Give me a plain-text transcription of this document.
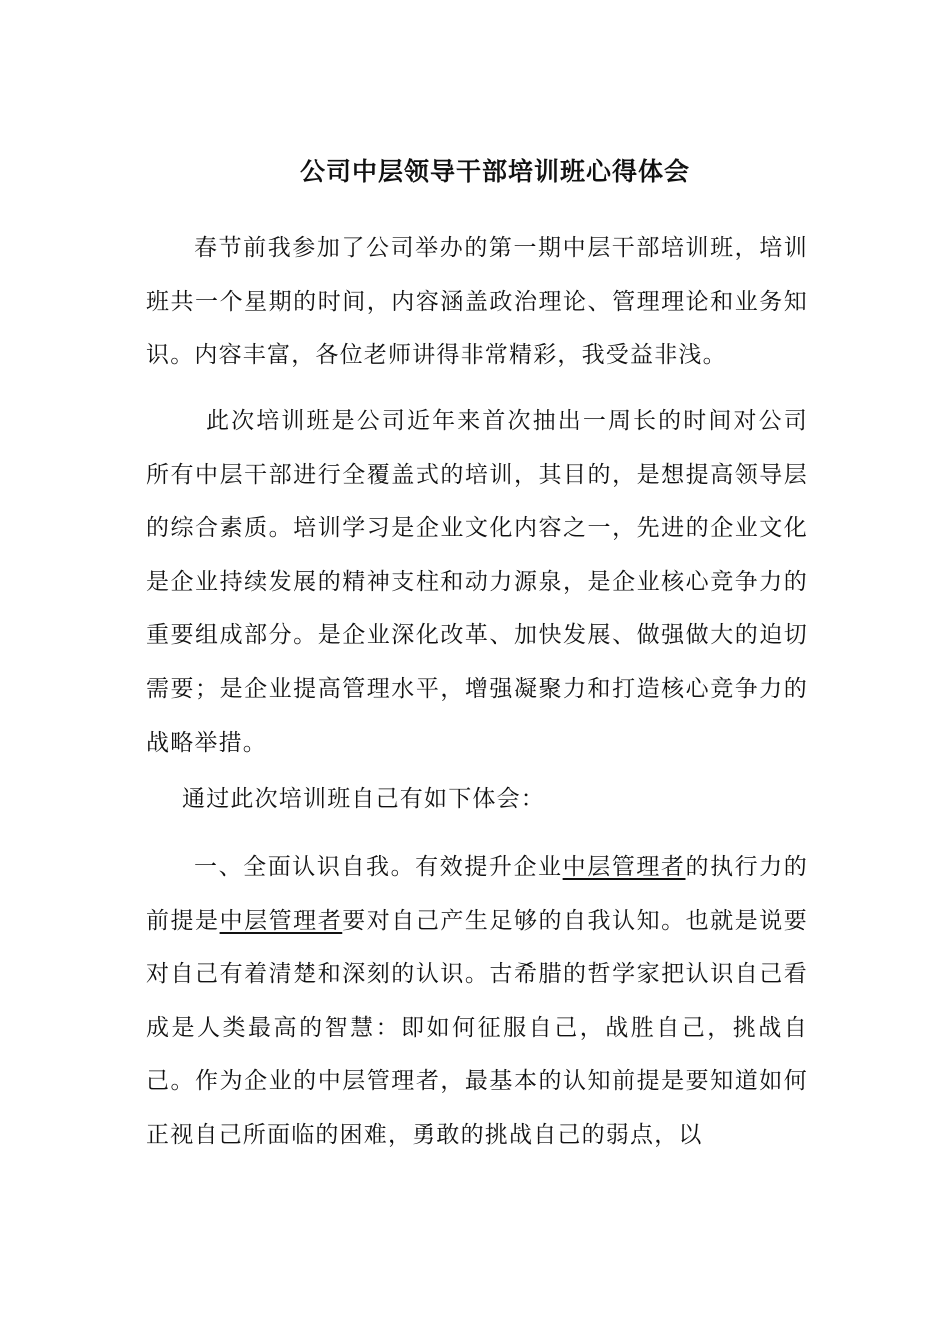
公司中层领导干部培训班心得体会

春节前我参加了公司举办的第一期中层干部培训班，培训班共一个星期的时间，内容涵盖政治理论、管理理论和业务知识。内容丰富，各位老师讲得非常精彩，我受益非浅。

此次培训班是公司近年来首次抽出一周长的时间对公司所有中层干部进行全覆盖式的培训，其目的，是想提高领导层的综合素质。培训学习是企业文化内容之一，先进的企业文化是企业持续发展的精神支柱和动力源泉，是企业核心竞争力的重要组成部分。是企业深化改革、加快发展、做强做大的迫切需要；是企业提高管理水平，增强凝聚力和打造核心竞争力的战略举措。

通过此次培训班自己有如下体会：

一、全面认识自我。有效提升企业中层管理者的执行力的前提是中层管理者要对自己产生足够的自我认知。也就是说要对自己有着清楚和深刻的认识。古希腊的哲学家把认识自己看成是人类最高的智慧：即如何征服自己，战胜自己，挑战自己。作为企业的中层管理者，最基本的认知前提是要知道如何正视自己所面临的困难，勇敢的挑战自己的弱点，以
